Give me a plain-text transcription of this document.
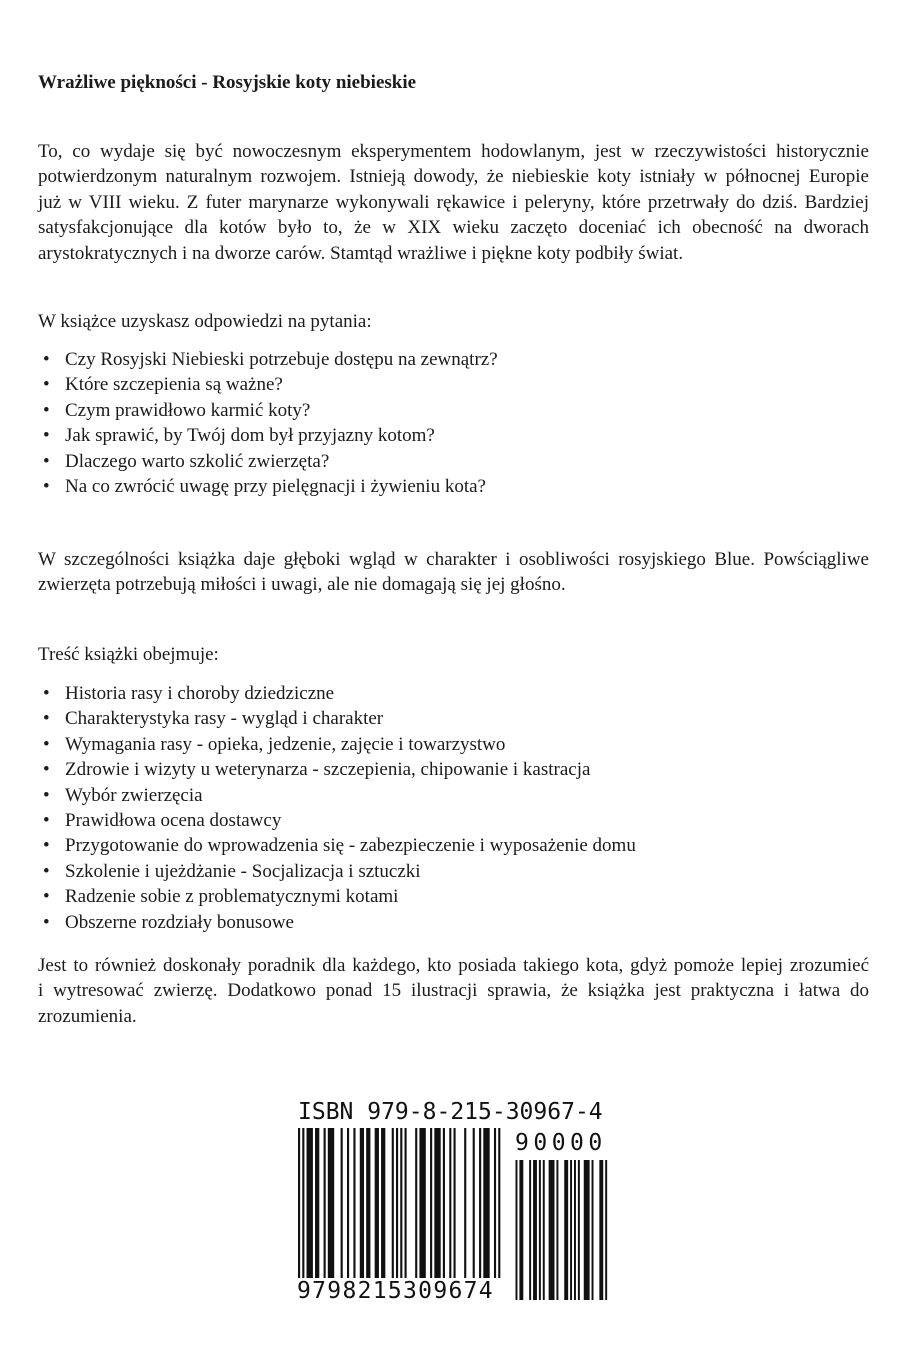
Wrażliwe piękności - Rosyjskie koty niebieskie
To, co wydaje się być nowoczesnym eksperymentem hodowlanym, jest w rzeczywistości historycznie
potwierdzonym naturalnym rozwojem. Istnieją dowody, że niebieskie koty istniały w północnej Europie
już w VIII wieku. Z futer marynarze wykonywali rękawice i peleryny, które przetrwały do dziś. Bardziej
satysfakcjonujące dla kotów było to, że w XIX wieku zaczęto doceniać ich obecność na dworach
arystokratycznych i na dworze carów. Stamtąd wrażliwe i piękne koty podbiły świat.
W książce uzyskasz odpowiedzi na pytania:
• Czy Rosyjski Niebieski potrzebuje dostępu na zewnątrz?
• Które szczepienia są ważne?
• Czym prawidłowo karmić koty?
• Jak sprawić, by Twój dom był przyjazny kotom?
• Dlaczego warto szkolić zwierzęta?
• Na co zwrócić uwagę przy pielęgnacji i żywieniu kota?
W szczególności książka daje głęboki wgląd w charakter i osobliwości rosyjskiego Blue. Powściągliwe
zwierzęta potrzebują miłości i uwagi, ale nie domagają się jej głośno.
Treść książki obejmuje:
• Historia rasy i choroby dziedziczne
• Charakterystyka rasy - wygląd i charakter
• Wymagania rasy - opieka, jedzenie, zajęcie i towarzystwo
• Zdrowie i wizyty u weterynarza - szczepienia, chipowanie i kastracja
• Wybór zwierzęcia
• Prawidłowa ocena dostawcy
• Przygotowanie do wprowadzenia się - zabezpieczenie i wyposażenie domu
• Szkolenie i ujeżdżanie - Socjalizacja i sztuczki
• Radzenie sobie z problematycznymi kotami
• Obszerne rozdziały bonusowe
Jest to również doskonały poradnik dla każdego, kto posiada takiego kota, gdyż pomoże lepiej zrozumieć
i wytresować zwierzę. Dodatkowo ponad 15 ilustracji sprawia, że książka jest praktyczna i łatwa do
zrozumienia.
ISBN 979-8-215-30967-4
90000
9798215309674
